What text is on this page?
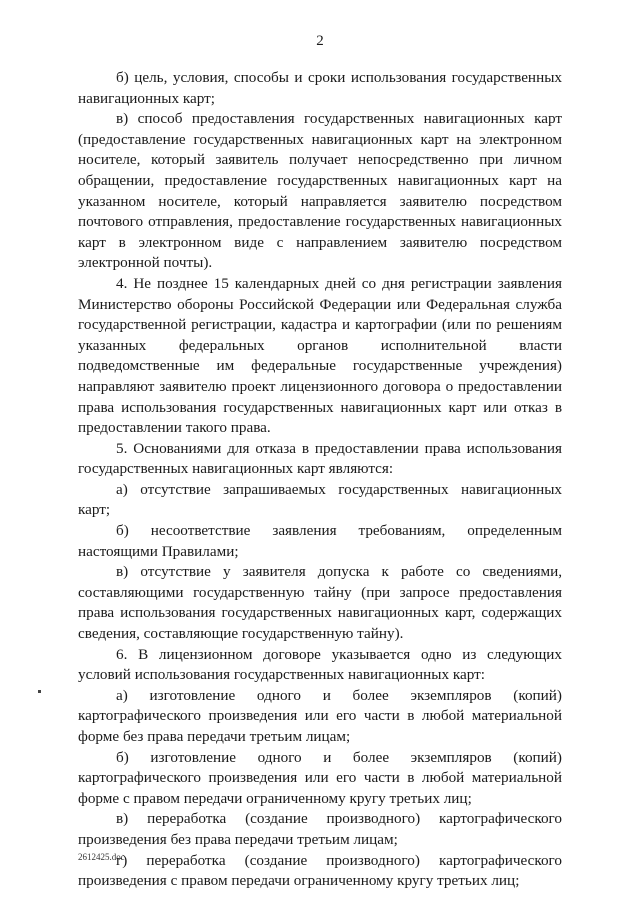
2

б) цель, условия, способы и сроки использования государственных навигационных карт;

в) способ предоставления государственных навигационных карт (предоставление государственных навигационных карт на электронном носителе, который заявитель получает непосредственно при личном обращении, предоставление государственных навигационных карт на указанном носителе, который направляется заявителю посредством почтового отправления, предоставление государственных навигационных карт в электронном виде с направлением заявителю посредством электронной почты).

4. Не позднее 15 календарных дней со дня регистрации заявления Министерство обороны Российской Федерации или Федеральная служба государственной регистрации, кадастра и картографии (или по решениям указанных федеральных органов исполнительной власти подведомственные им федеральные государственные учреждения) направляют заявителю проект лицензионного договора о предоставлении права использования государственных навигационных карт или отказ в предоставлении такого права.

5. Основаниями для отказа в предоставлении права использования государственных навигационных карт являются:

а) отсутствие запрашиваемых государственных навигационных карт;

б) несоответствие заявления требованиям, определенным настоящими Правилами;

в) отсутствие у заявителя допуска к работе со сведениями, составляющими государственную тайну (при запросе предоставления права использования государственных навигационных карт, содержащих сведения, составляющие государственную тайну).

6. В лицензионном договоре указывается одно из следующих условий использования государственных навигационных карт:

а) изготовление одного и более экземпляров (копий) картографического произведения или его части в любой материальной форме без права передачи третьим лицам;

б) изготовление одного и более экземпляров (копий) картографического произведения или его части в любой материальной форме с правом передачи ограниченному кругу третьих лиц;

в) переработка (создание производного) картографического произведения без права передачи третьим лицам;

г) переработка (создание производного) картографического произведения с правом передачи ограниченному кругу третьих лиц;

2612425.doc
